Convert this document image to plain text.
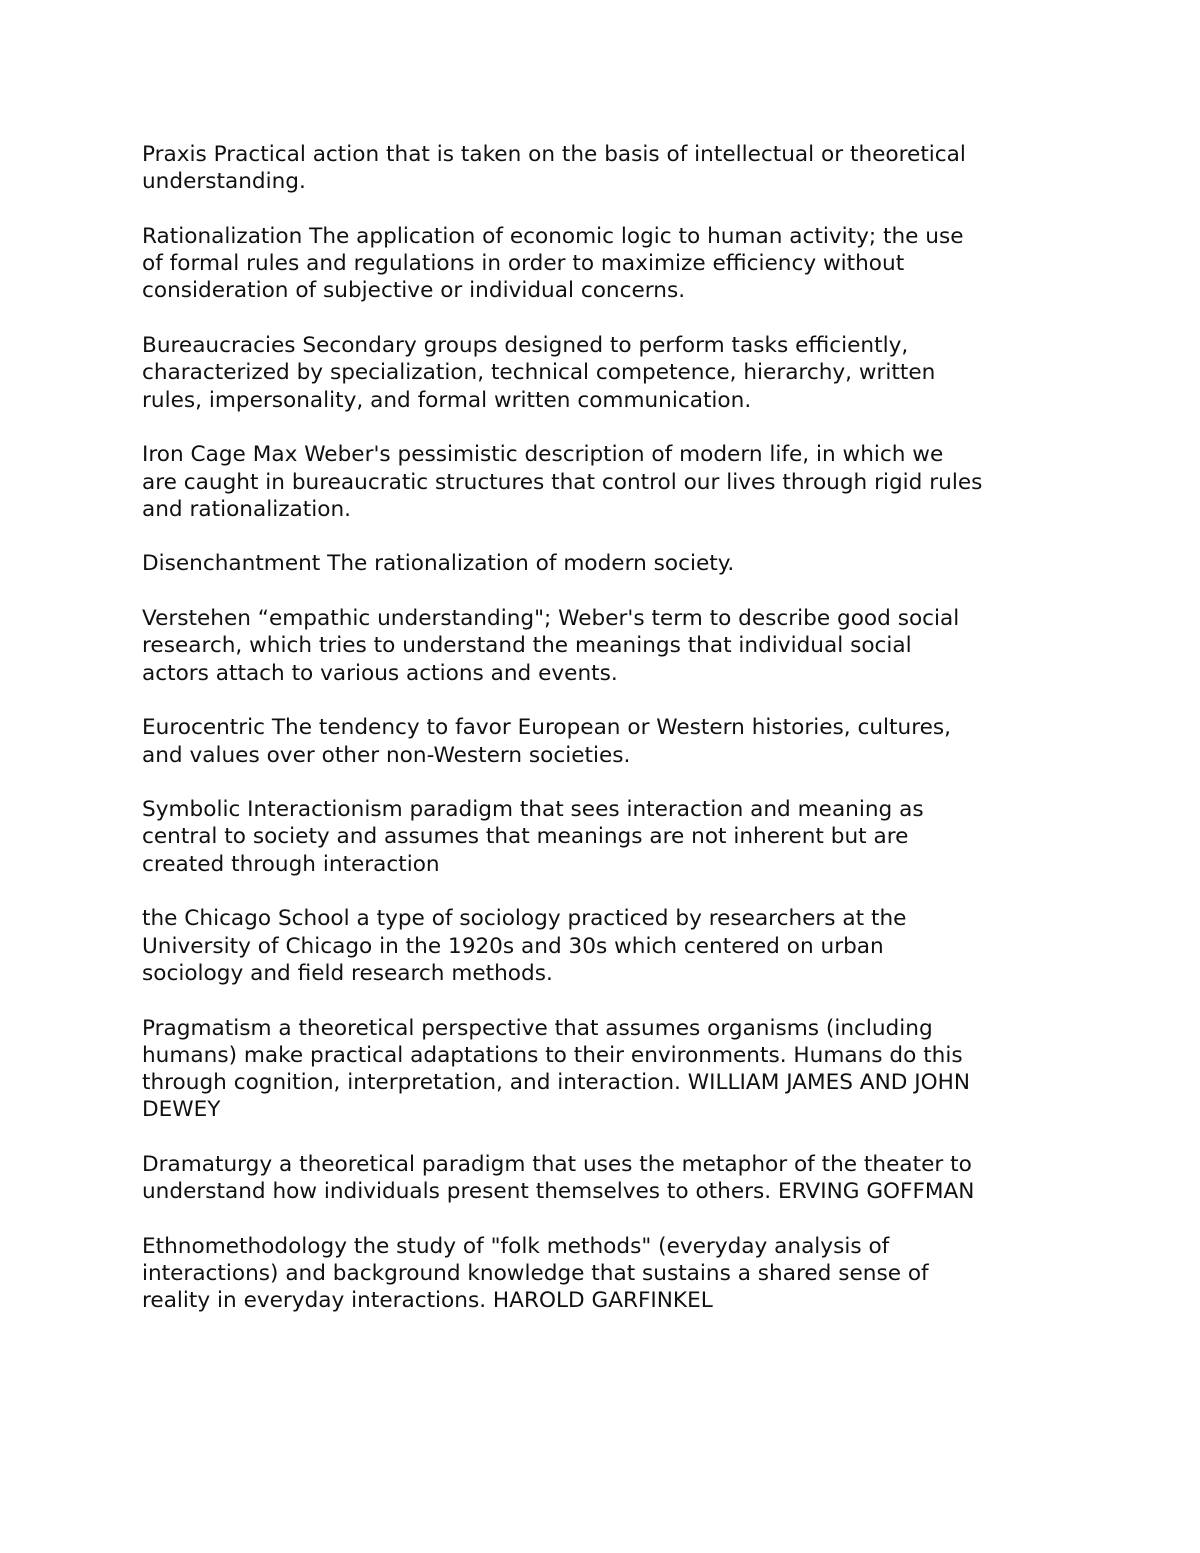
Praxis Practical action that is taken on the basis of intellectual or theoretical
understanding.

Rationalization The application of economic logic to human activity; the use
of formal rules and regulations in order to maximize efficiency without
consideration of subjective or individual concerns.

Bureaucracies Secondary groups designed to perform tasks efficiently,
characterized by specialization, technical competence, hierarchy, written
rules, impersonality, and formal written communication.

Iron Cage Max Weber's pessimistic description of modern life, in which we
are caught in bureaucratic structures that control our lives through rigid rules
and rationalization.

Disenchantment The rationalization of modern society.

Verstehen “empathic understanding"; Weber's term to describe good social
research, which tries to understand the meanings that individual social
actors attach to various actions and events.

Eurocentric The tendency to favor European or Western histories, cultures,
and values over other non-Western societies.

Symbolic Interactionism paradigm that sees interaction and meaning as
central to society and assumes that meanings are not inherent but are
created through interaction

the Chicago School a type of sociology practiced by researchers at the
University of Chicago in the 1920s and 30s which centered on urban
sociology and field research methods.

Pragmatism a theoretical perspective that assumes organisms (including
humans) make practical adaptations to their environments. Humans do this
through cognition, interpretation, and interaction. WILLIAM JAMES AND JOHN
DEWEY

Dramaturgy a theoretical paradigm that uses the metaphor of the theater to
understand how individuals present themselves to others. ERVING GOFFMAN

Ethnomethodology the study of "folk methods" (everyday analysis of
interactions) and background knowledge that sustains a shared sense of
reality in everyday interactions. HAROLD GARFINKEL
